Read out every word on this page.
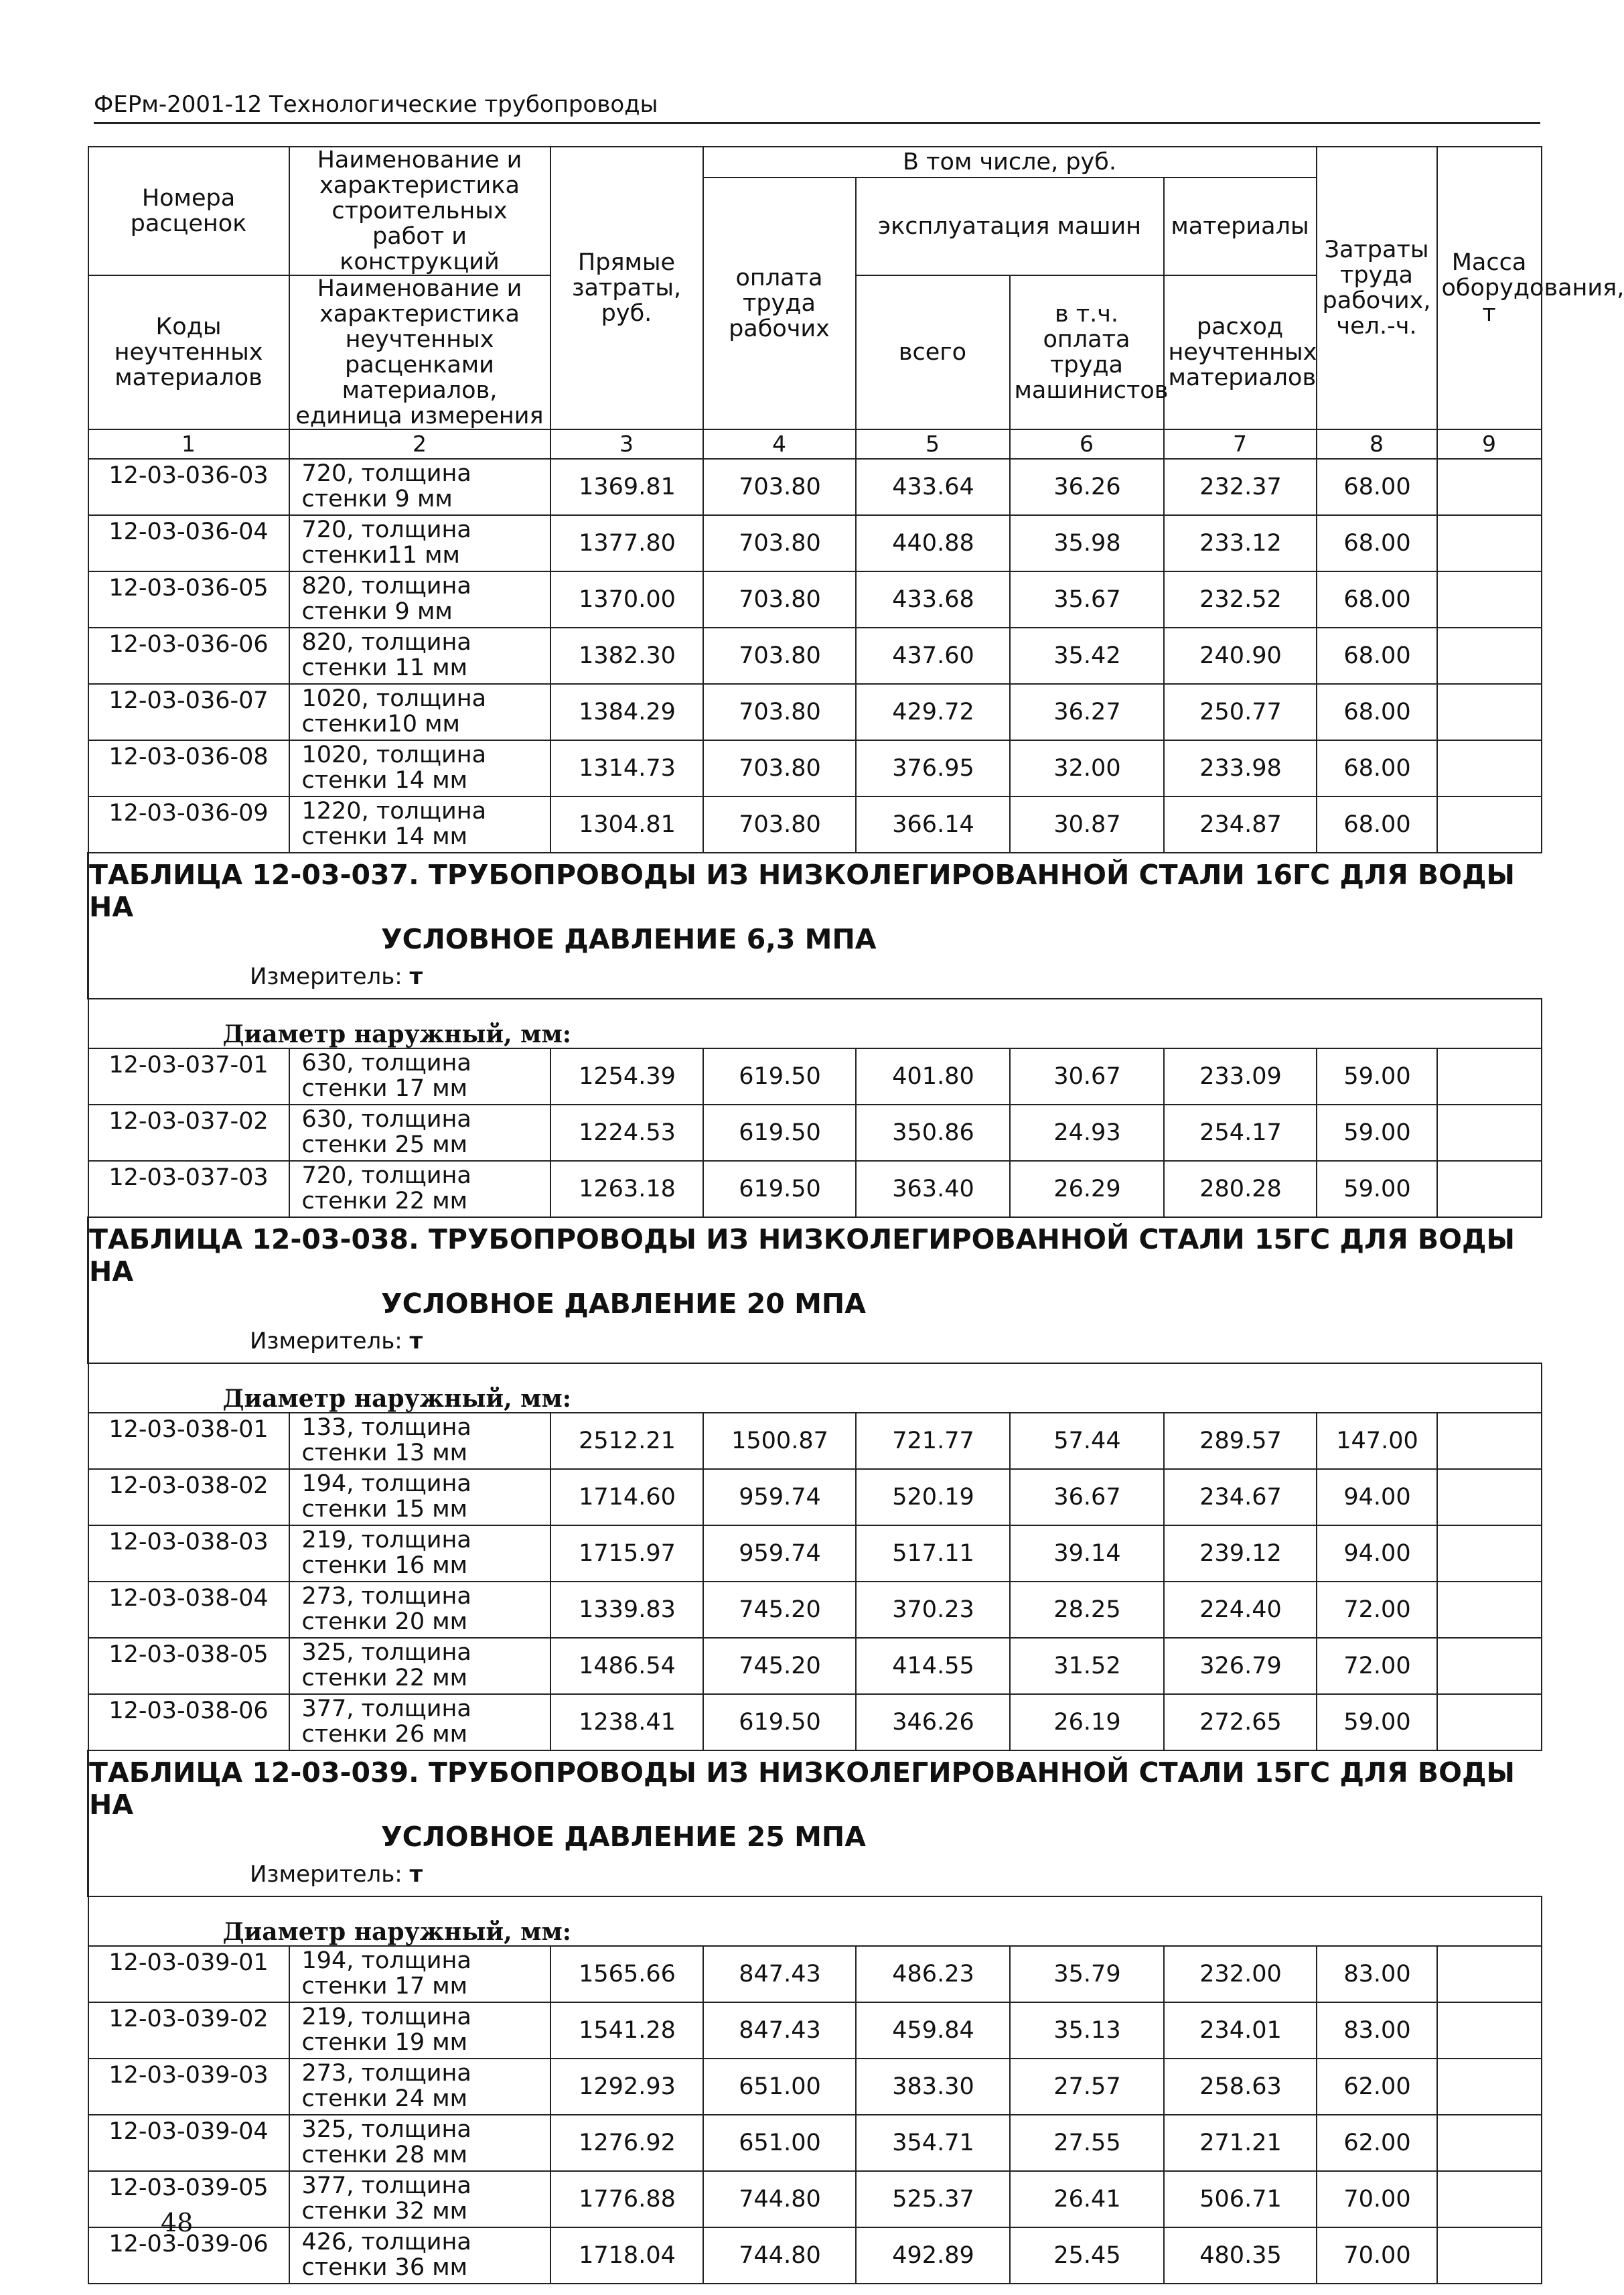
ФЕРм-2001-12 Технологические трубопроводы
Номера расценок	Наименование и характеристика строительных работ и конструкций	Прямые затраты, руб.	В том числе, руб.				Затраты труда рабочих, чел.-ч.	Масса оборудования, т
			оплата труда рабочих	эксплуатация машин		материалы		

Коды неучтенных материалов	Наименование и характеристика неучтенных расценками материалов, единица измерения			всего	в т.ч. оплата труда машинистов	расход неучтенных материалов		

1	2	3	4	5	6	7	8	9
12-03-036-03	720, толщина
стенки 9 мм	1369.81	703.80	433.64	36.26	232.37	68.00	
12-03-036-04	720, толщина
стенки11 мм	1377.80	703.80	440.88	35.98	233.12	68.00	
12-03-036-05	820, толщина
стенки 9 мм	1370.00	703.80	433.68	35.67	232.52	68.00	
12-03-036-06	820, толщина
стенки 11 мм	1382.30	703.80	437.60	35.42	240.90	68.00	
12-03-036-07	1020, толщина
стенки10 мм	1384.29	703.80	429.72	36.27	250.77	68.00	
12-03-036-08	1020, толщина
стенки 14 мм	1314.73	703.80	376.95	32.00	233.98	68.00	
12-03-036-09	1220, толщина
стенки 14 мм	1304.81	703.80	366.14	30.87	234.87	68.00	

ТАБЛИЦА 12-03-037. ТРУБОПРОВОДЫ ИЗ НИЗКОЛЕГИРОВАННОЙ СТАЛИ 16ГС ДЛЯ ВОДЫ НА
УСЛОВНОЕ ДАВЛЕНИЕ 6,3 МПА								

Измеритель: т								
Диаметр наружный, мм:								
12-03-037-01	630, толщина
стенки 17 мм	1254.39	619.50	401.80	30.67	233.09	59.00	
12-03-037-02	630, толщина
стенки 25 мм	1224.53	619.50	350.86	24.93	254.17	59.00	
12-03-037-03	720, толщина
стенки 22 мм	1263.18	619.50	363.40	26.29	280.28	59.00	

ТАБЛИЦА 12-03-038. ТРУБОПРОВОДЫ ИЗ НИЗКОЛЕГИРОВАННОЙ СТАЛИ 15ГС ДЛЯ ВОДЫ НА
УСЛОВНОЕ ДАВЛЕНИЕ 20 МПА								

Измеритель: т								
Диаметр наружный, мм:								
12-03-038-01	133, толщина
стенки 13 мм	2512.21	1500.87	721.77	57.44	289.57	147.00	
12-03-038-02	194, толщина
стенки 15 мм	1714.60	959.74	520.19	36.67	234.67	94.00	
12-03-038-03	219, толщина
стенки 16 мм	1715.97	959.74	517.11	39.14	239.12	94.00	
12-03-038-04	273, толщина
стенки 20 мм	1339.83	745.20	370.23	28.25	224.40	72.00	
12-03-038-05	325, толщина
стенки 22 мм	1486.54	745.20	414.55	31.52	326.79	72.00	
12-03-038-06	377, толщина
стенки 26 мм	1238.41	619.50	346.26	26.19	272.65	59.00	

ТАБЛИЦА 12-03-039. ТРУБОПРОВОДЫ ИЗ НИЗКОЛЕГИРОВАННОЙ СТАЛИ 15ГС ДЛЯ ВОДЫ НА
УСЛОВНОЕ ДАВЛЕНИЕ 25 МПА								

Измеритель: т								
Диаметр наружный, мм:								
12-03-039-01	194, толщина
стенки 17 мм	1565.66	847.43	486.23	35.79	232.00	83.00	
12-03-039-02	219, толщина
стенки 19 мм	1541.28	847.43	459.84	35.13	234.01	83.00	
12-03-039-03	273, толщина
стенки 24 мм	1292.93	651.00	383.30	27.57	258.63	62.00	
12-03-039-04	325, толщина
стенки 28 мм	1276.92	651.00	354.71	27.55	271.21	62.00	
12-03-039-05	377, толщина
стенки 32 мм	1776.88	744.80	525.37	26.41	506.71	70.00	
12-03-039-06	426, толщина
стенки 36 мм	1718.04	744.80	492.89	25.45	480.35	70.00	
48
